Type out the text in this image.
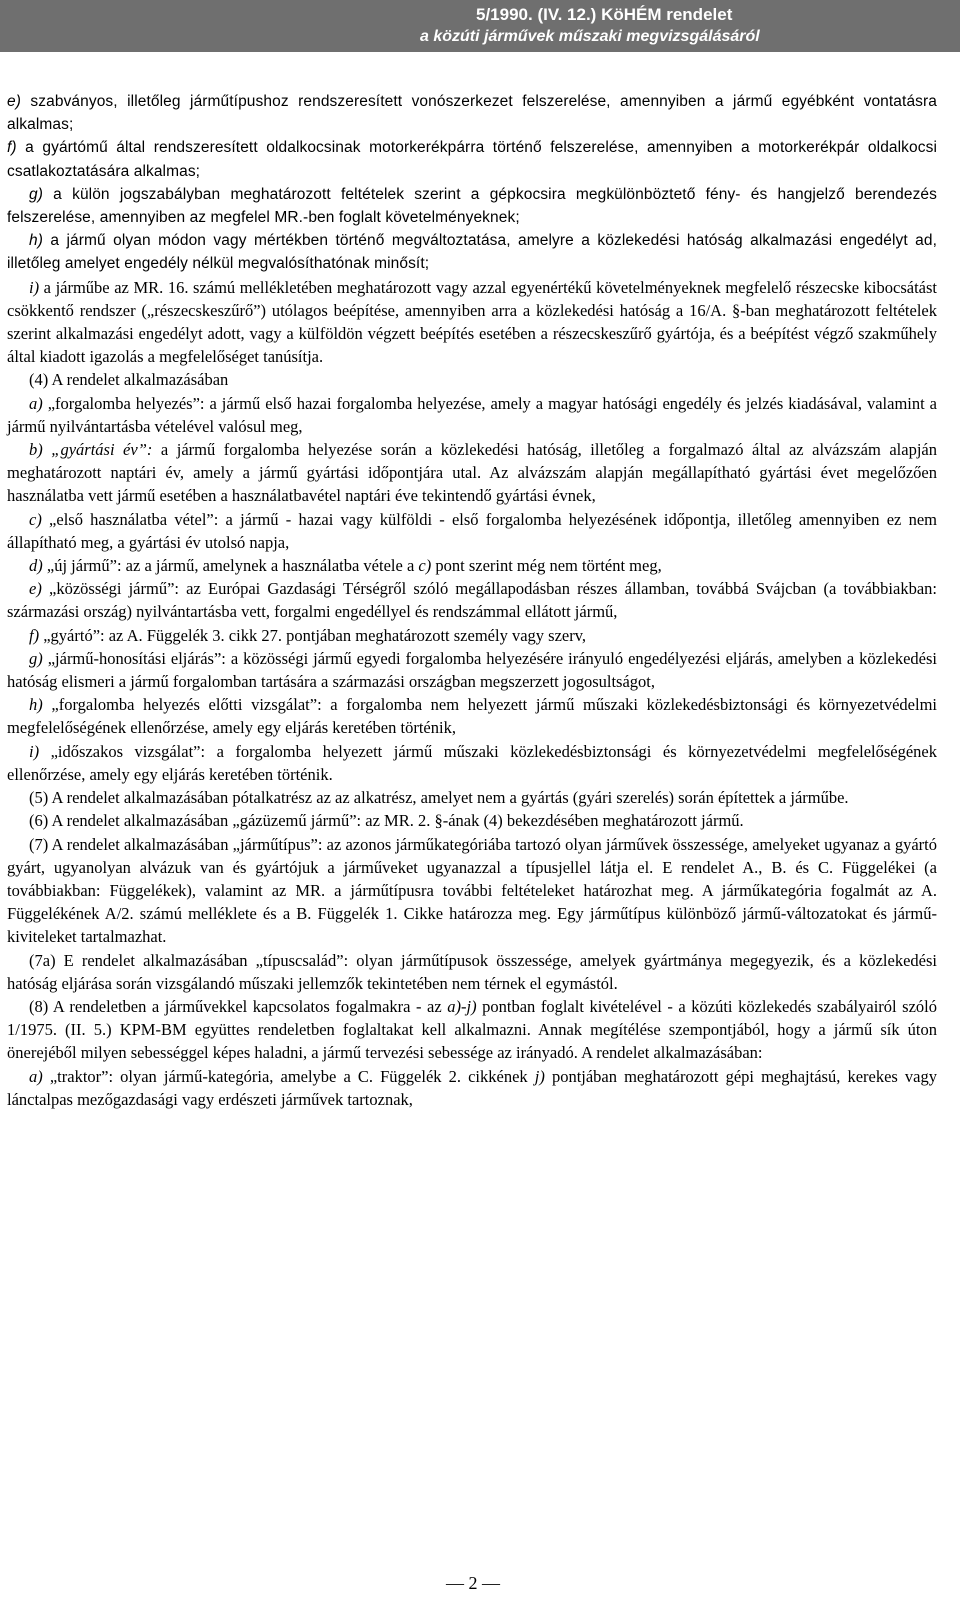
5/1990. (IV. 12.) KöHÉM rendelet
a közúti járművek műszaki megvizsgálásáról

e) szabványos, illetőleg járműtípushoz rendszeresített vonószerkezet felszerelése, amennyiben a jármű egyébként vontatásra alkalmas;

f) a gyártómű által rendszeresített oldalkocsinak motorkerékpárra történő felszerelése, amennyiben a motorkerékpár oldalkocsi csatlakoztatására alkalmas;

g) a külön jogszabályban meghatározott feltételek szerint a gépkocsira megkülönböztető fény- és hangjelző berendezés felszerelése, amennyiben az megfelel MR.-ben foglalt követelményeknek;

h) a jármű olyan módon vagy mértékben történő megváltoztatása, amelyre a közlekedési hatóság alkalmazási engedélyt ad, illetőleg amelyet engedély nélkül megvalósíthatónak minősít;

i) a járműbe az MR. 16. számú mellékletében meghatározott vagy azzal egyenértékű követelményeknek megfelelő részecske kibocsátást csökkentő rendszer („részecskeszűrő”) utólagos beépítése, amennyiben arra a közlekedési hatóság a 16/A. §-ban meghatározott feltételek szerint alkalmazási engedélyt adott, vagy a külföldön végzett beépítés esetében a részecskeszűrő gyártója, és a beépítést végző szakműhely által kiadott igazolás a megfelelőséget tanúsítja.

(4) A rendelet alkalmazásában

a) „forgalomba helyezés”: a jármű első hazai forgalomba helyezése, amely a magyar hatósági engedély és jelzés kiadásával, valamint a jármű nyilvántartásba vételével valósul meg,

b) „gyártási év”: a jármű forgalomba helyezése során a közlekedési hatóság, illetőleg a forgalmazó által az alvázszám alapján meghatározott naptári év, amely a jármű gyártási időpontjára utal. Az alvázszám alapján megállapítható gyártási évet megelőzően használatba vett jármű esetében a használatbavétel naptári éve tekintendő gyártási évnek,

c) „első használatba vétel”: a jármű - hazai vagy külföldi - első forgalomba helyezésének időpontja, illetőleg amennyiben ez nem állapítható meg, a gyártási év utolsó napja,

d) „új jármű”: az a jármű, amelynek a használatba vétele a c) pont szerint még nem történt meg,

e) „közösségi jármű”: az Európai Gazdasági Térségről szóló megállapodásban részes államban, továbbá Svájcban (a továbbiakban: származási ország) nyilvántartásba vett, forgalmi engedéllyel és rendszámmal ellátott jármű,

f) „gyártó”: az A. Függelék 3. cikk 27. pontjában meghatározott személy vagy szerv,

g) „jármű-honosítási eljárás”: a közösségi jármű egyedi forgalomba helyezésére irányuló engedélyezési eljárás, amelyben a közlekedési hatóság elismeri a jármű forgalomban tartására a származási országban megszerzett jogosultságot,

h) „forgalomba helyezés előtti vizsgálat”: a forgalomba nem helyezett jármű műszaki közlekedésbiztonsági és környezetvédelmi megfelelőségének ellenőrzése, amely egy eljárás keretében történik,

i) „időszakos vizsgálat”: a forgalomba helyezett jármű műszaki közlekedésbiztonsági és környezetvédelmi megfelelőségének ellenőrzése, amely egy eljárás keretében történik.

(5) A rendelet alkalmazásában pótalkatrész az az alkatrész, amelyet nem a gyártás (gyári szerelés) során építettek a járműbe.

(6) A rendelet alkalmazásában „gázüzemű jármű”: az MR. 2. §-ának (4) bekezdésében meghatározott jármű.

(7) A rendelet alkalmazásában „járműtípus”: az azonos járműkategóriába tartozó olyan járművek összessége, amelyeket ugyanaz a gyártó gyárt, ugyanolyan alvázuk van és gyártójuk a járműveket ugyanazzal a típusjellel látja el. E rendelet A., B. és C. Függelékei (a továbbiakban: Függelékek), valamint az MR. a járműtípusra további feltételeket határozhat meg. A járműkategória fogalmát az A. Függelékének A/2. számú melléklete és a B. Függelék 1. Cikke határozza meg. Egy járműtípus különböző jármű-változatokat és jármű-kiviteleket tartalmazhat.

(7a) E rendelet alkalmazásában „típuscsalád”: olyan járműtípusok összessége, amelyek gyártmánya megegyezik, és a közlekedési hatóság eljárása során vizsgálandó műszaki jellemzők tekintetében nem térnek el egymástól.

(8) A rendeletben a járművekkel kapcsolatos fogalmakra - az a)-j) pontban foglalt kivételével - a közúti közlekedés szabályairól szóló 1/1975. (II. 5.) KPM-BM együttes rendeletben foglaltakat kell alkalmazni. Annak megítélése szempontjából, hogy a jármű sík úton önerejéből milyen sebességgel képes haladni, a jármű tervezési sebessége az irányadó. A rendelet alkalmazásában:

a) „traktor”: olyan jármű-kategória, amelybe a C. Függelék 2. cikkének j) pontjában meghatározott gépi meghajtású, kerekes vagy lánctalpas mezőgazdasági vagy erdészeti járművek tartoznak,

— 2 —
